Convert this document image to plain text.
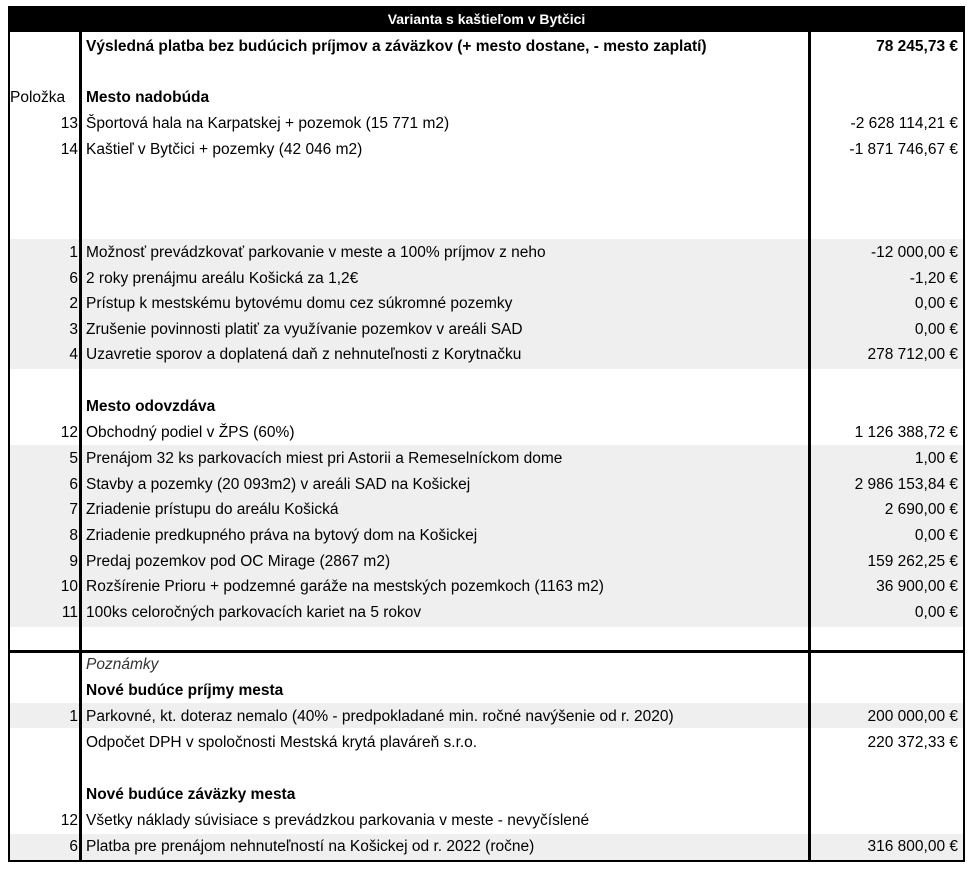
Varianta s kaštieľom v Bytčici
Výsledná platba bez budúcich príjmov a záväzkov (+ mesto dostane, - mesto zaplatí)	78 245,73 €
Položka	Mesto nadobúda
13 Športová hala na Karpatskej + pozemok (15 771 m2)	-2 628 114,21 €
14 Kaštieľ v Bytčici + pozemky (42 046 m2)	-1 871 746,67 €
1 Možnosť prevádzkovať parkovanie v meste a 100% príjmov z neho	-12 000,00 €
6 2 roky prenájmu areálu Košická za 1,2€	-1,20 €
2 Prístup k mestskému bytovému domu cez súkromné pozemky	0,00 €
3 Zrušenie povinnosti platiť za využívanie pozemkov v areáli SAD	0,00 €
4 Uzavretie sporov a doplatená daň z nehnuteľnosti z Korytnačku	278 712,00 €
Mesto odovzdáva
12 Obchodný podiel v ŽPS (60%)	1 126 388,72 €
5 Prenájom 32 ks parkovacích miest pri Astorii a Remeselníckom dome	1,00 €
6 Stavby a pozemky (20 093m2) v areáli SAD na Košickej	2 986 153,84 €
7 Zriadenie prístupu do areálu Košická	2 690,00 €
8 Zriadenie predkupného práva na bytový dom na Košickej	0,00 €
9 Predaj pozemkov pod OC Mirage (2867 m2)	159 262,25 €
10 Rozšírenie Prioru + podzemné garáže na mestských pozemkoch (1163 m2)	36 900,00 €
11 100ks celoročných parkovacích kariet na 5 rokov	0,00 €
Poznámky
Nové budúce príjmy mesta
1 Parkovné, kt. doteraz nemalo (40% - predpokladané min. ročné navýšenie od r. 2020)	200 000,00 €
Odpočet DPH v spoločnosti Mestská krytá plaváreň s.r.o.	220 372,33 €
Nové budúce záväzky mesta
12 Všetky náklady súvisiace s prevádzkou parkovania v meste - nevyčíslené
6 Platba pre prenájom nehnuteľností na Košickej od r. 2022 (ročne)	316 800,00 €
